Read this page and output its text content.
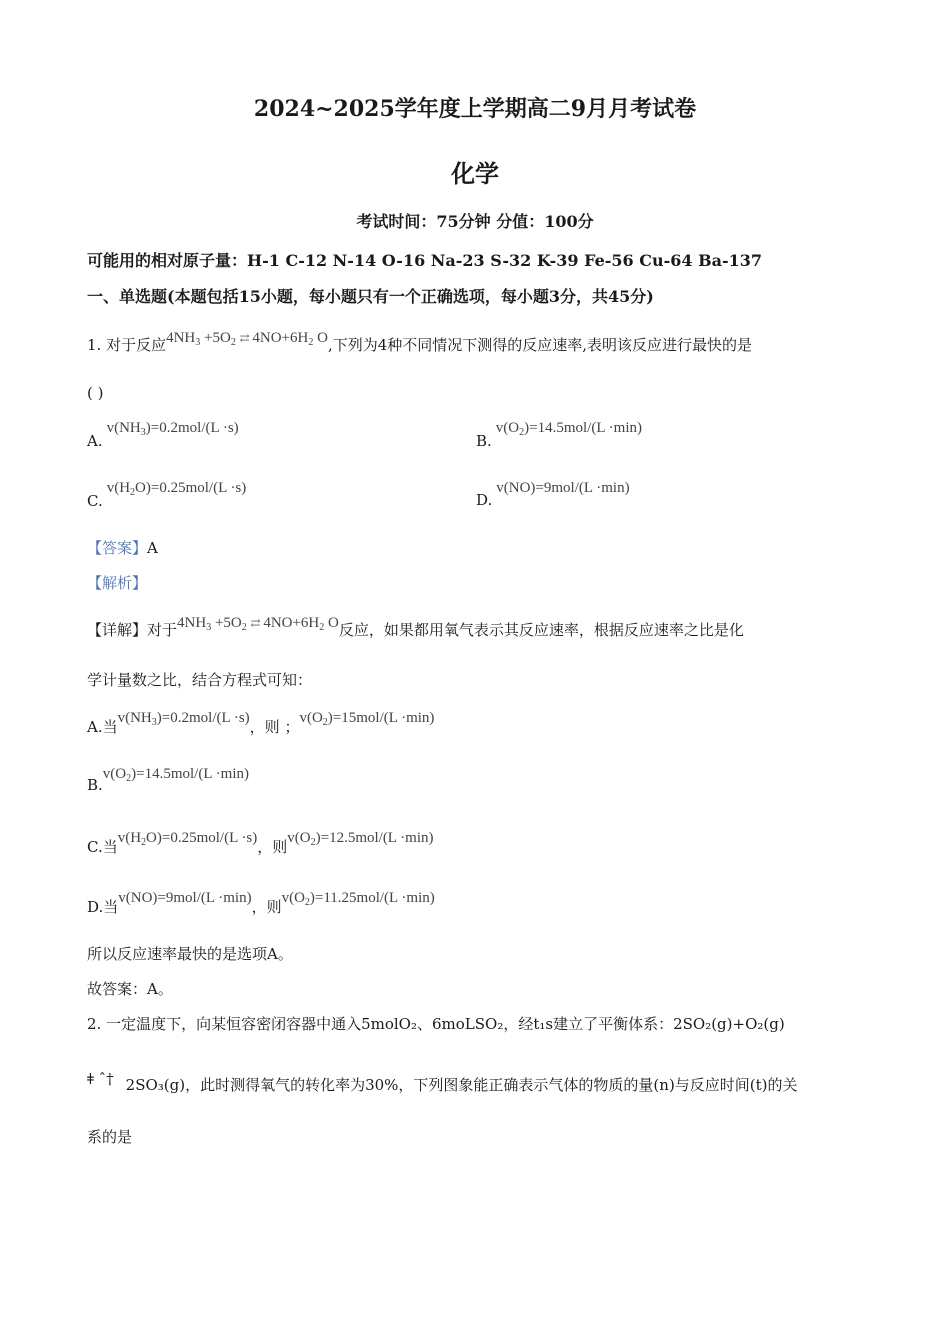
2024~2025学年度上学期高二9月月考试卷
化学
考试时间：75分钟 分值：100分
可能用的相对原子量：H-1 C-12 N-14 O-16 Na-23 S-32 K-39 Fe-56 Cu-64 Ba-137
一、单选题(本题包括15小题，每小题只有一个正确选项，每小题3分，共45分)
1. 对于反应$4NH_3 +5O_2$ ⇄ $4NO+6H_2$ O,下列为4种不同情况下测得的反应速率,表明该反应进行最快的是
( )
$A.v(NH_3)=0.2mol/(L \cdot s)$
$B.v(O_2)=14.5mol/(L \cdot\min)$
$C.v(H_2O)=0.25mol/(L \cdot s)$
D.v(NO)=9mol/(L ·min)
【答案】A
【解析】
【详解】对于$4NH_3 +5O_2$ ⇄ $4NO+6H_2$ O反应，如果都用氧气表示其反应速率，根据反应速率之比是化
学计量数之比，结合方程式可知：
A.当$v(NH_3)=0.2mol/(L \cdot s)$，则 ；$v(O_2)=15mol/(L \cdot\min)$
$B.v(O_2)=14.5mol/(L \cdot\min)$
C.当$v(H_2O)=0.25mol/(L \cdot s)$，则$v(O_2)=12.5mol/(L \cdot\min)$
D.当v(NO)=9mol/(L ·min)，则$v(O_2)=11.25mol/(L \cdot\min)$
所以反应速率最快的是选项A。
故答案：A。
2. 一定温度下，向某恒容密闭容器中通入5molO₂、6moLSO₂，经t₁s建立了平衡体系：2SO₂(g)+O₂(g)
ǂ ˆ† 2SO₃(g)，此时测得氧气的转化率为30%，下列图象能正确表示气体的物质的量(n)与反应时间(t)的关
系的是
